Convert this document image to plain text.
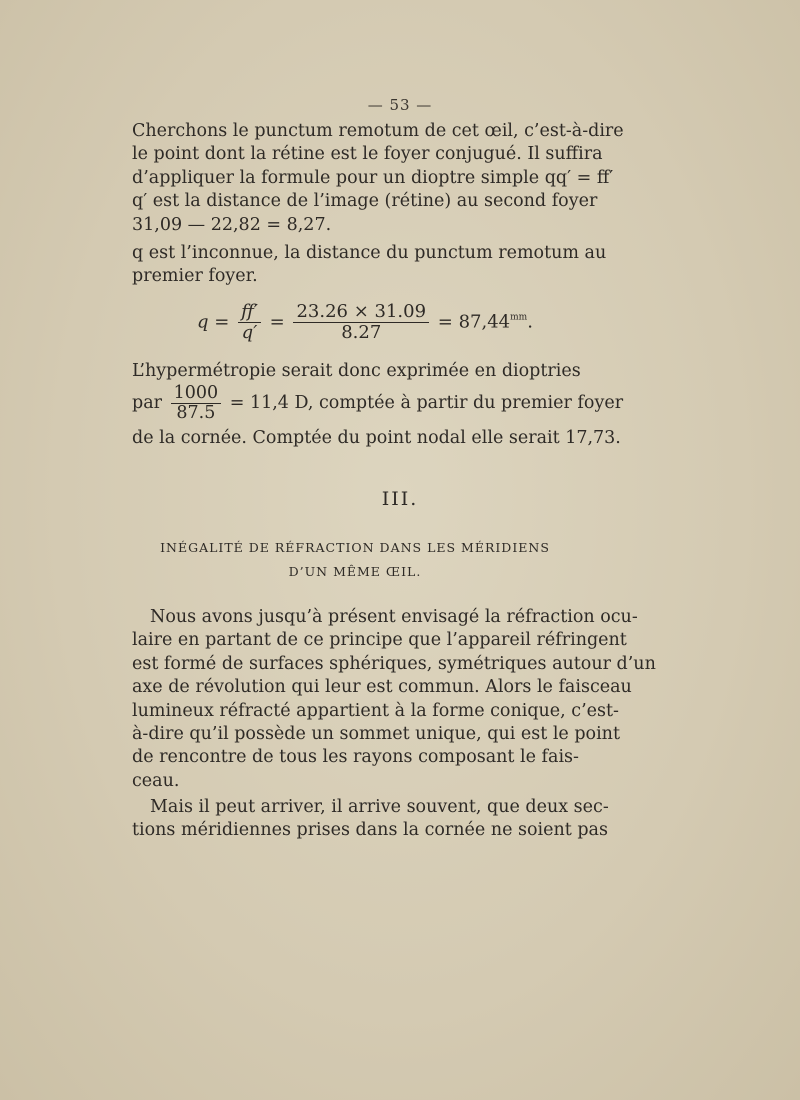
— 53 —
Cherchons le punctum remotum de cet œil, c’est-à-dire
le point dont la rétine est le foyer conjugué. Il suffira
d’appliquer la formule pour un dioptre simple qq′ = ff′
q′ est la distance de l’image (rétine) au second foyer
31,09 — 22,82 = 8,27.
q est l’inconnue, la distance du punctum remotum au
premier foyer.
$q = \frac{ff'}{q'} = \frac{23.26 \times 31.09}{8.27} = 87,44^{mm}$.
L’hypermétropie serait donc exprimée en dioptries
par $\frac{1000}{87.5} = 11,4$ D, comptée à partir du premier foyer
de la cornée. Comptée du point nodal elle serait 17,73.
III.
INÉGALITÉ DE RÉFRACTION DANS LES MÉRIDIENS
D’UN MÊME ŒIL.
Nous avons jusqu’à présent envisagé la réfraction ocu-
laire en partant de ce principe que l’appareil réfringent
est formé de surfaces sphériques, symétriques autour d’un
axe de révolution qui leur est commun. Alors le faisceau
lumineux réfracté appartient à la forme conique, c’est-
à-dire qu’il possède un sommet unique, qui est le point
de rencontre de tous les rayons composant le fais-
ceau.
Mais il peut arriver, il arrive souvent, que deux sec-
tions méridiennes prises dans la cornée ne soient pas
